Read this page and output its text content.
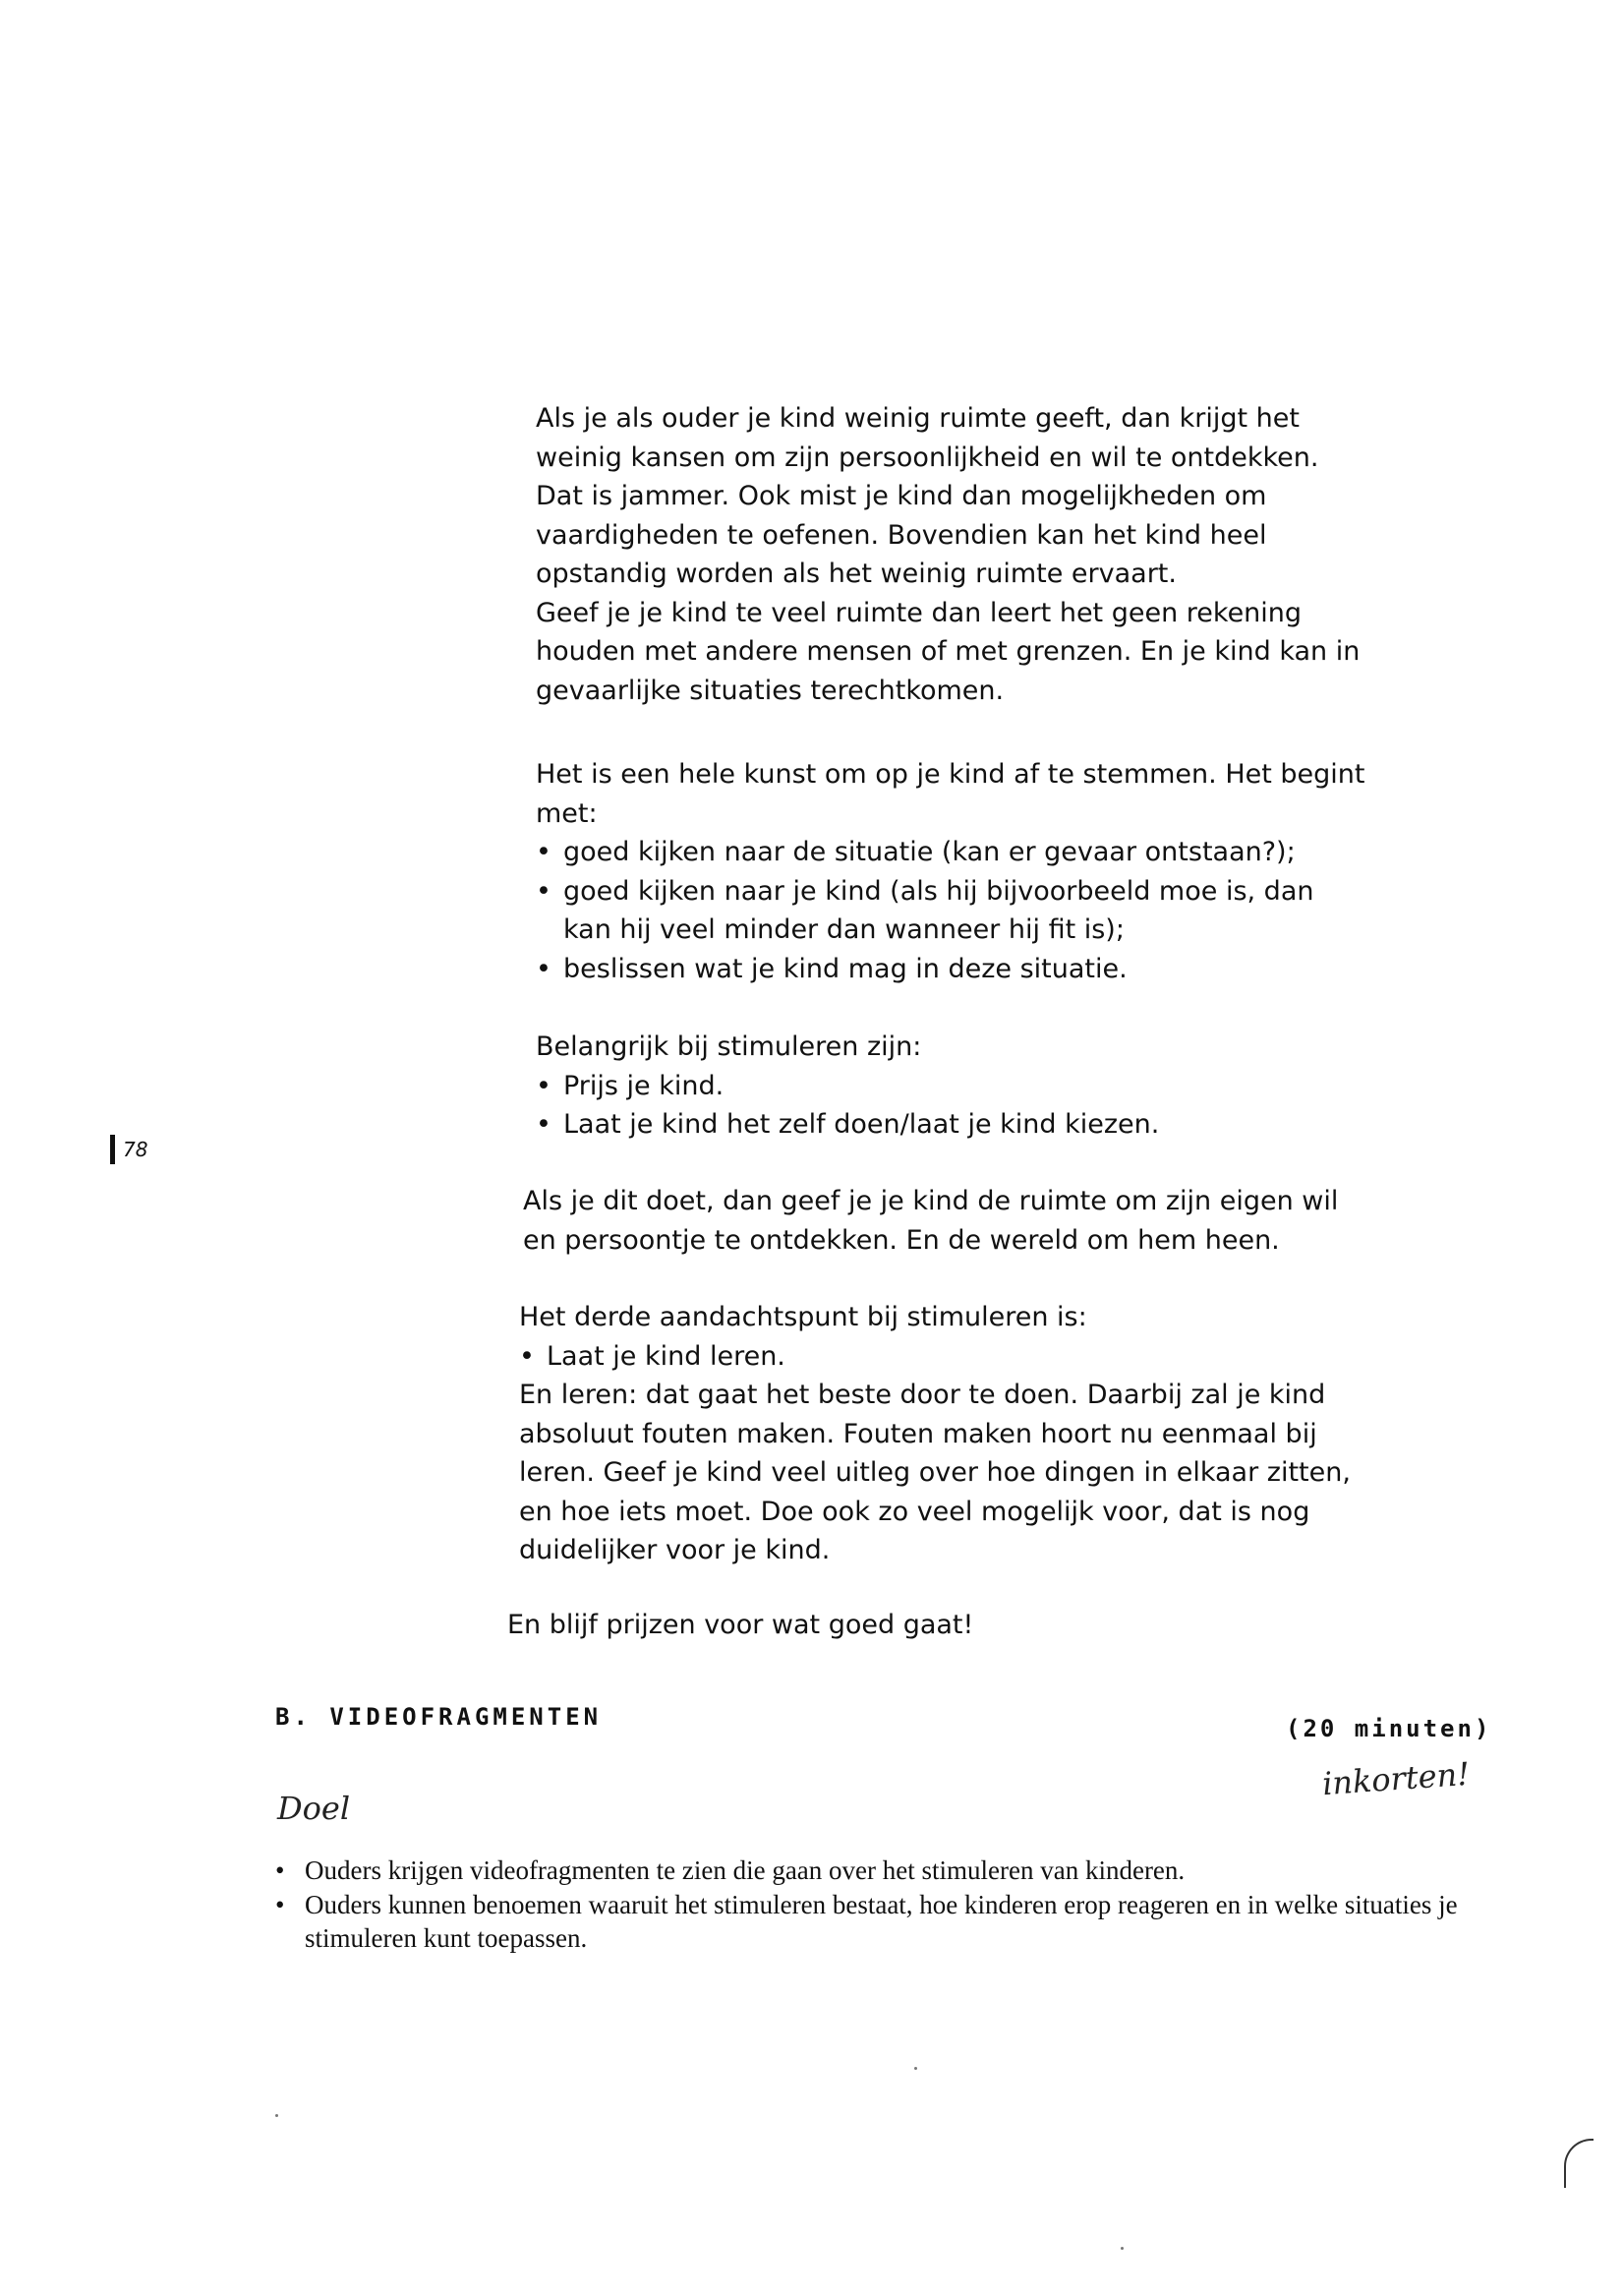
Als je als ouder je kind weinig ruimte geeft, dan krijgt het
weinig kansen om zijn persoonlijkheid en wil te ontdekken.
Dat is jammer. Ook mist je kind dan mogelijkheden om
vaardigheden te oefenen. Bovendien kan het kind heel
opstandig worden als het weinig ruimte ervaart.
Geef je je kind te veel ruimte dan leert het geen rekening
houden met andere mensen of met grenzen. En je kind kan in
gevaarlijke situaties terechtkomen.
Het is een hele kunst om op je kind af te stemmen. Het begint
met:
• goed kijken naar de situatie (kan er gevaar ontstaan?);
• goed kijken naar je kind (als hij bijvoorbeeld moe is, dan
kan hij veel minder dan wanneer hij fit is);
• beslissen wat je kind mag in deze situatie.
Belangrijk bij stimuleren zijn:
• Prijs je kind.
• Laat je kind het zelf doen/laat je kind kiezen.
78
Als je dit doet, dan geef je je kind de ruimte om zijn eigen wil
en persoontje te ontdekken. En de wereld om hem heen.
Het derde aandachtspunt bij stimuleren is:
• Laat je kind leren.
En leren: dat gaat het beste door te doen. Daarbij zal je kind
absoluut fouten maken. Fouten maken hoort nu eenmaal bij
leren. Geef je kind veel uitleg over hoe dingen in elkaar zitten,
en hoe iets moet. Doe ook zo veel mogelijk voor, dat is nog
duidelijker voor je kind.
En blijf prijzen voor wat goed gaat!
B. VIDEOFRAGMENTEN	(20 minuten)
inkorten!
Doel
• Ouders krijgen videofragmenten te zien die gaan over het stimuleren van kinderen.
• Ouders kunnen benoemen waaruit het stimuleren bestaat, hoe kinderen erop reageren en in welke situaties je stimuleren kunt toepassen.
